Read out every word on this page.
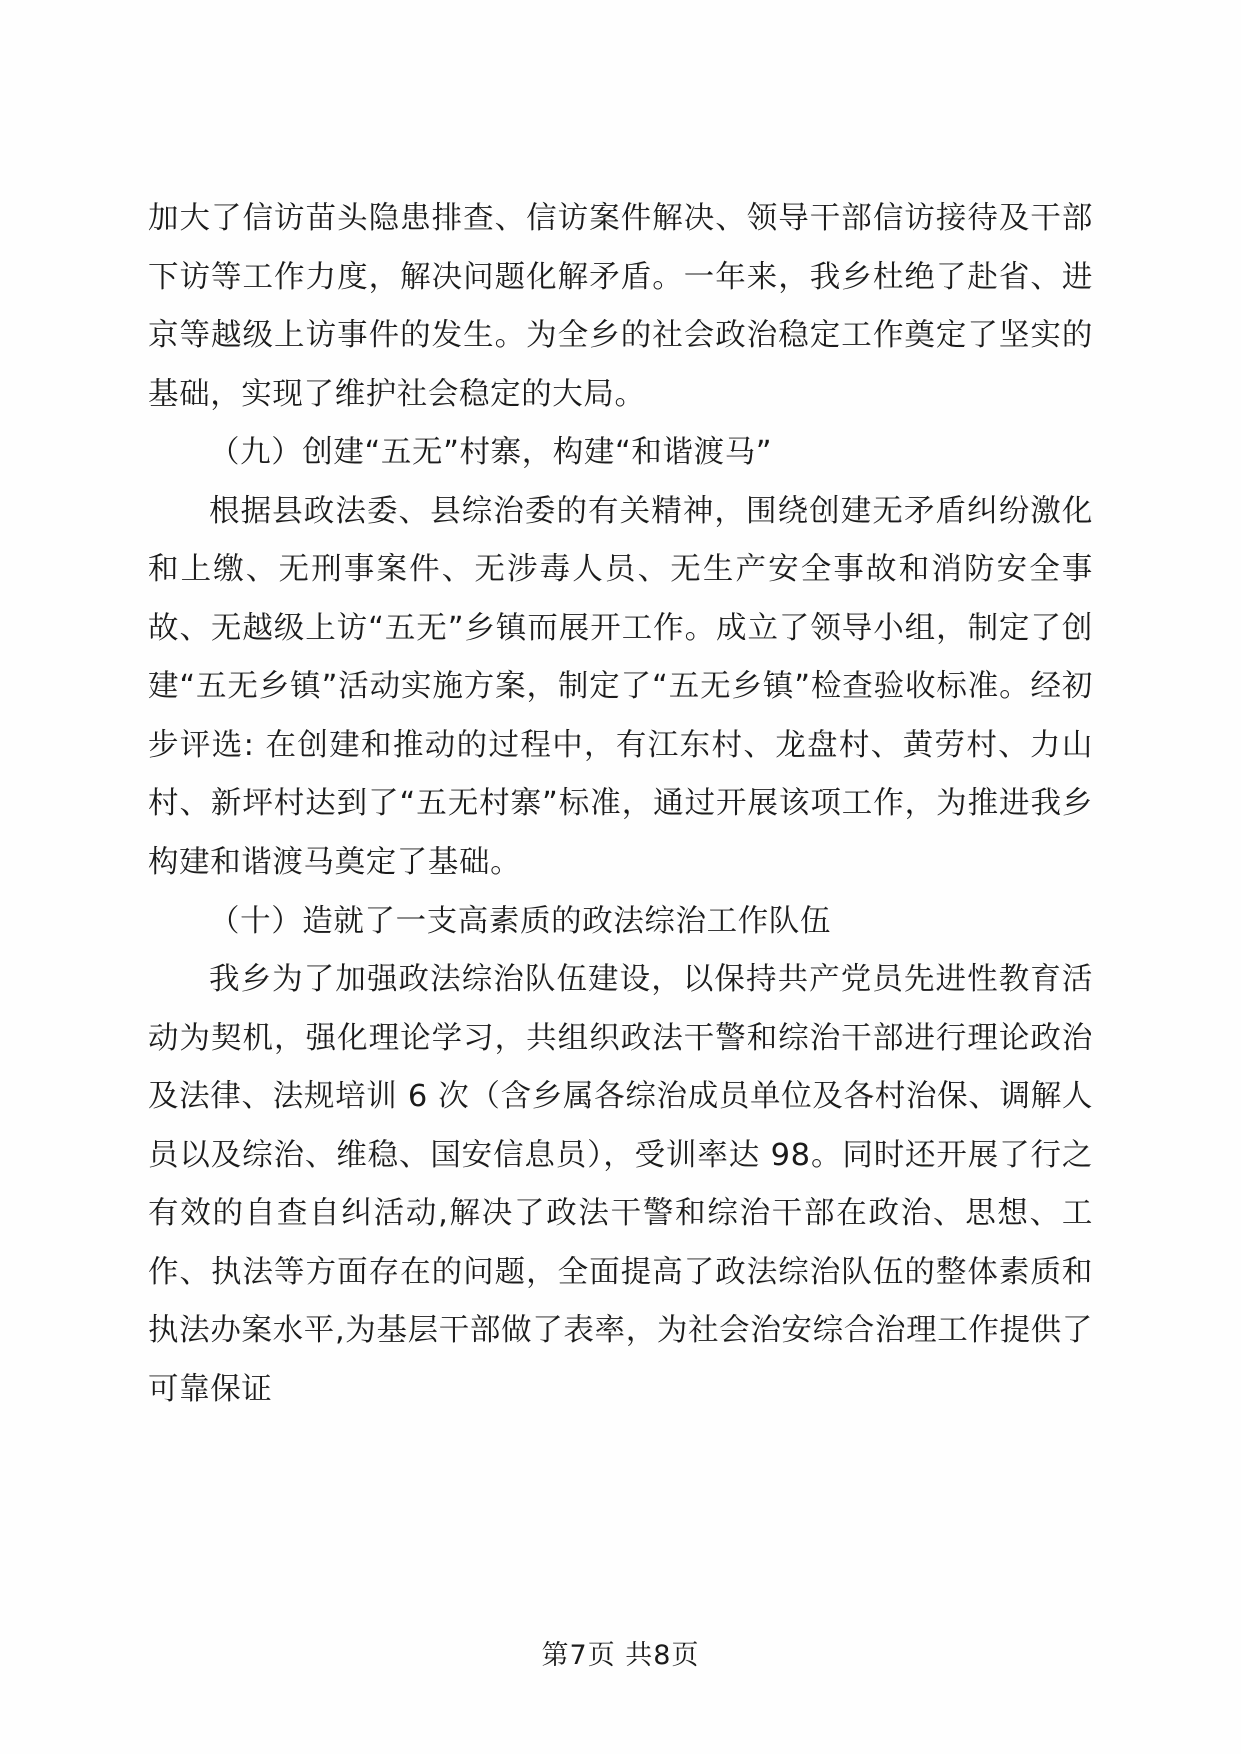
加大了信访苗头隐患排查、信访案件解决、领导干部信访接待及干部下访等工作力度，解决问题化解矛盾。一年来，我乡杜绝了赴省、进京等越级上访事件的发生。为全乡的社会政治稳定工作奠定了坚实的基础，实现了维护社会稳定的大局。

（九）创建“五无”村寨，构建“和谐渡马”

根据县政法委、县综治委的有关精神，围绕创建无矛盾纠纷激化和上缴、无刑事案件、无涉毒人员、无生产安全事故和消防安全事故、无越级上访“五无”乡镇而展开工作。成立了领导小组，制定了创建“五无乡镇”活动实施方案，制定了“五无乡镇”检查验收标准。经初步评选: 在创建和推动的过程中，有江东村、龙盘村、黄劳村、力山村、新坪村达到了“五无村寨”标准，通过开展该项工作，为推进我乡构建和谐渡马奠定了基础。

（十）造就了一支高素质的政法综治工作队伍

我乡为了加强政法综治队伍建设，以保持共产党员先进性教育活动为契机，强化理论学习，共组织政法干警和综治干部进行理论政治及法律、法规培训 6 次（含乡属各综治成员单位及各村治保、调解人员以及综治、维稳、国安信息员），受训率达 98。同时还开展了行之有效的自查自纠活动,解决了政法干警和综治干部在政治、思想、工作、执法等方面存在的问题，全面提高了政法综治队伍的整体素质和执法办案水平,为基层干部做了表率，为社会治安综合治理工作提供了可靠保证

第7页 共8页
